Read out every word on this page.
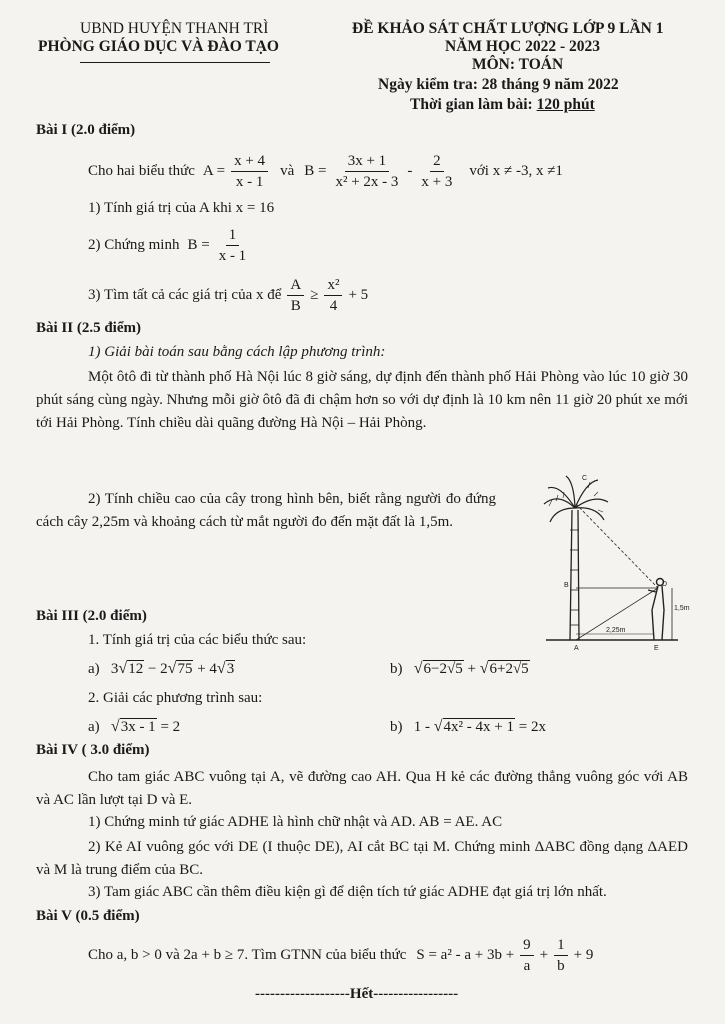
UBND HUYỆN THANH TRÌ
PHÒNG GIÁO DỤC VÀ ĐÀO TẠO
ĐỀ KHẢO SÁT CHẤT LƯỢNG LỚP 9 LẦN 1
NĂM HỌC 2022 - 2023
MÔN: TOÁN
Ngày kiểm tra: 28 tháng 9 năm 2022
Thời gian làm bài: 120 phút
Bài I (2.0 điểm)
Cho hai biểu thức $A = \frac{x + 4}{x - 1}$ và $B = \frac{3x + 1}{\text{x² + 2x - 3}} - \frac{2}{x + 3}$ với x ≠ -3, x ≠1
1) Tính giá trị của A khi x = 16
2) Chứng minh $B = \frac{1}{x - 1}$
3) Tìm tất cả các giá trị của x để $\frac{A}{B} \ge \frac{\text{x²}}{4} + 5$
Bài II (2.5 điểm)
1) Giải bài toán sau bằng cách lập phương trình:
Một ôtô đi từ thành phố Hà Nội lúc 8 giờ sáng, dự định đến thành phố Hải Phòng vào lúc 10 giờ 30 phút sáng cùng ngày. Nhưng mỗi giờ ôtô đã đi chậm hơn so với dự định là 10 km nên 11 giờ 20 phút xe mới tới Hải Phòng. Tính chiều dài quãng đường Hà Nội – Hải Phòng.
2) Tính chiều cao của cây trong hình bên, biết rằng người đo đứng cách cây 2,25m và khoảng cách từ mắt người đo đến mặt đất là 1,5m.
C
B	D
A	E
2,25m
1,5m
Bài III (2.0 điểm)
1. Tính giá trị của các biểu thức sau:
a) 3√12 − 2√75 + 4√3	b) √6−2√5 + √6+2√5
2. Giải các phương trình sau:
a) √3x - 1 = 2	b) 1 - √4x² - 4x + 1 = 2x
Bài IV ( 3.0 điểm)
Cho tam giác ABC vuông tại A, vẽ đường cao AH. Qua H kẻ các đường thẳng vuông góc với AB và AC lần lượt tại D và E.
1) Chứng minh tứ giác ADHE là hình chữ nhật và AD. AB = AE. AC
2) Kẻ AI vuông góc với DE (I thuộc DE), AI cắt BC tại M. Chứng minh ΔABC đồng dạng ΔAED và M là trung điểm của BC.
3) Tam giác ABC cần thêm điều kiện gì để diện tích tứ giác ADHE đạt giá trị lớn nhất.
Bài V (0.5 điểm)
Cho a, b > 0 và 2a + b ≥ 7. Tìm GTNN của biểu thức $S = a^2 - a + 3b + \frac{9}{a} + \frac{1}{b} + 9$
-------------------Hết-----------------
